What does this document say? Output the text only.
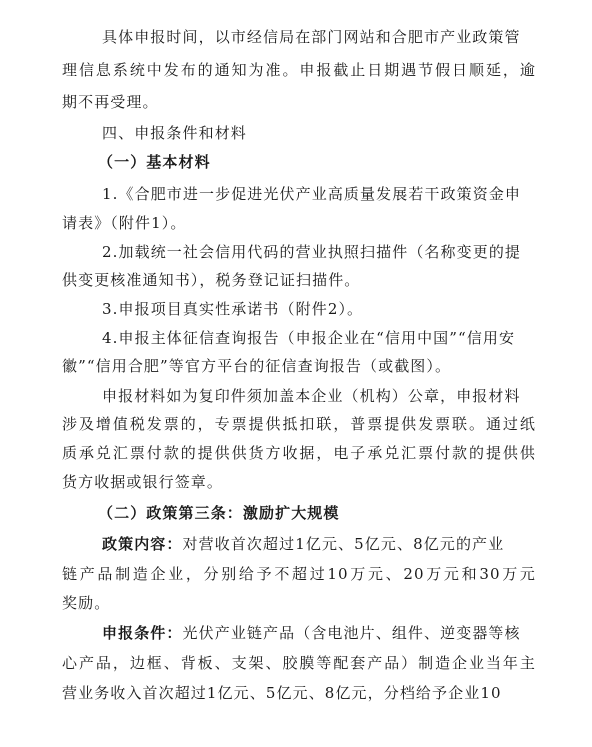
具体申报时间，以市经信局在部门网站和合肥市产业政策管
理信息系统中发布的通知为准。申报截止日期遇节假日顺延，逾
期不再受理。
四、申报条件和材料
（一）基本材料
1.《合肥市进一步促进光伏产业高质量发展若干政策资金申
请表》（附件1）。
2.加载统一社会信用代码的营业执照扫描件（名称变更的提
供变更核准通知书），税务登记证扫描件。
3.申报项目真实性承诺书（附件2）。
4.申报主体征信查询报告（申报企业在“信用中国”“信用安
徽”“信用合肥”等官方平台的征信查询报告（或截图）。
申报材料如为复印件须加盖本企业（机构）公章，申报材料
涉及增值税发票的，专票提供抵扣联，普票提供发票联。通过纸
质承兑汇票付款的提供供货方收据，电子承兑汇票付款的提供供
货方收据或银行签章。
（二）政策第三条：激励扩大规模
政策内容：对营收首次超过1亿元、5亿元、8亿元的产业
链产品制造企业，分别给予不超过10万元、20万元和30万元
奖励。
申报条件：光伏产业链产品（含电池片、组件、逆变器等核
心产品，边框、背板、支架、胶膜等配套产品）制造企业当年主
营业务收入首次超过1亿元、5亿元、8亿元，分档给予企业10
